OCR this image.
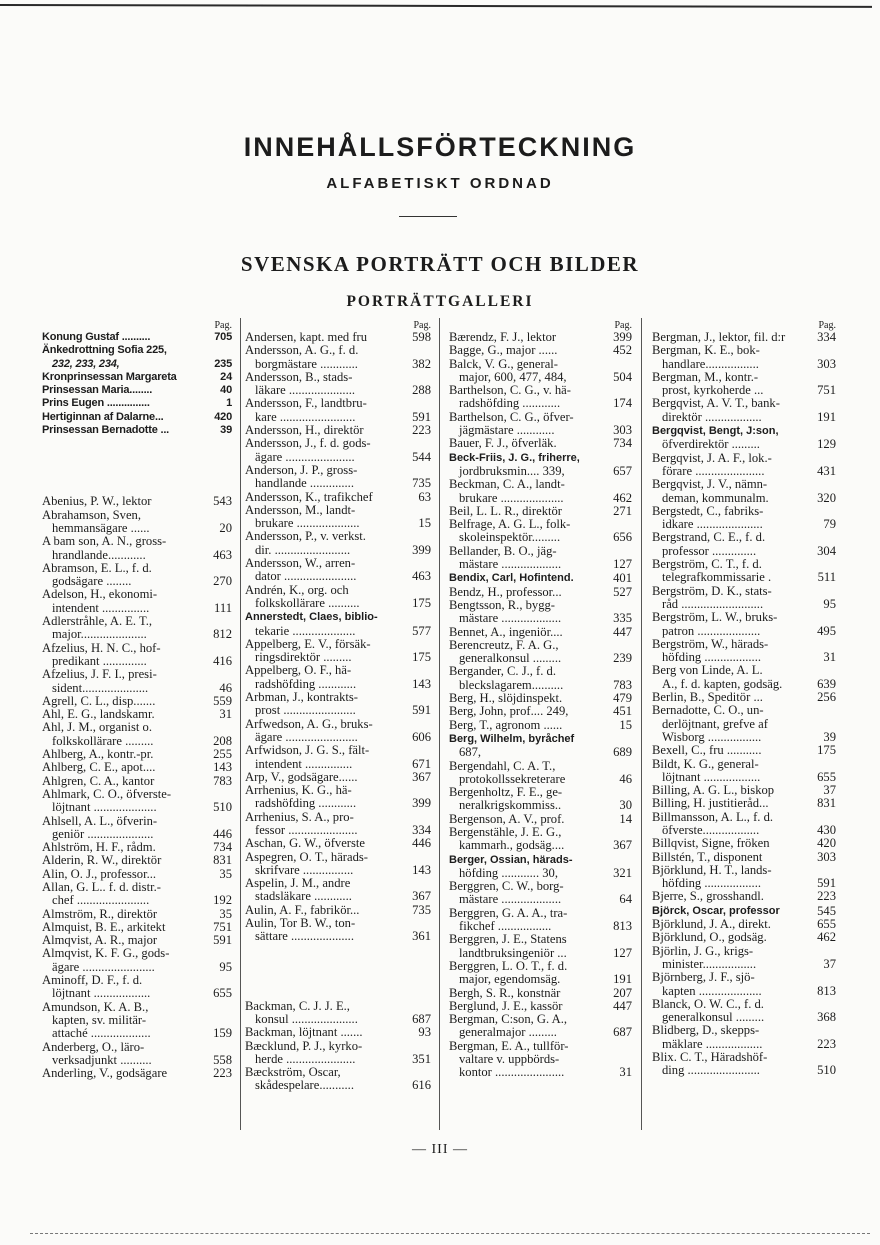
INNEHÅLLSFÖRTECKNING
ALFABETISKT ORDNAD
SVENSKA PORTRÄTT OCH BILDER
PORTRÄTTGALLERI
Pag.
Konung Gustaf ..........	705
Änkedrottning Sofia 225,
232, 233, 234,	235
Kronprinsessan Margareta	24
Prinsessan Maria........	40
Prins Eugen ...............	1
Hertiginnan af Dalarne...	420
Prinsessan Bernadotte ...	39
Abenius, P. W., lektor	543
Abrahamson, Sven,
hemmansägare ......	20
A bam son, A. N., gross-
hrandlande............	463
Abramson, E. L., f. d.
godsägare ........	270
Adelson, H., ekonomi-
intendent ...............	111
Adlerstråhle, A. E. T.,
major.....................	812
Afzelius, H. N. C., hof-
predikant ..............	416
Afzelius, J. F. I., presi-
sident.....................	46
Agrell, C. L., disp.......	559
Ahl, E. G., landskamr.	31
Ahl, J. M., organist o.
folkskollärare .........	208
Ahlberg, A., kontr.-pr.	255
Ahlberg, C. E., apot....	143
Ahlgren, C. A., kantor	783
Ahlmark, C. O., öfverste-
löjtnant ....................	510
Ahlsell, A. L., öfverin-
geniör .....................	446
Ahlström, H. F., rådm.	734
Alderin, R. W., direktör	831
Alin, O. J., professor...	35
Allan, G. L.. f. d. distr.-
chef .......................	192
Almström, R., direktör	35
Almquist, B. E., arkitekt	751
Almqvist, A. R., major	591
Almqvist, K. F. G., gods-
ägare .......................	95
Aminoff, D. F., f. d.
löjtnant ..................	655
Amundson, K. A. B.,
kapten, sv. militär-
attaché ...................	159
Anderberg, O., läro-
verksadjunkt ..........	558
Anderling, V., godsägare	223
Pag.
Andersen, kapt. med fru	598
Andersson, A. G., f. d.
borgmästare ............	382
Andersson, B., stads-
läkare .....................	288
Andersson, F., landtbru-
kare ........................	591
Andersson, H., direktör	223
Andersson, J., f. d. gods-
ägare ......................	544
Anderson, J. P., gross-
handlande ..............	735
Andersson, K., trafikchef	63
Andersson, M., landt-
brukare ....................	15
Andersson, P., v. verkst.
dir. ........................	399
Andersson, W., arren-
dator .......................	463
Andrén, K., org. och
folkskollärare ..........	175
Annerstedt, Claes, biblio-
tekarie ....................	577
Appelberg, E. V., försäk-
ringsdirektör .........	175
Appelberg, O. F., hä-
radshöfding ............	143
Arbman, J., kontrakts-
prost .......................	591
Arfwedson, A. G., bruks-
ägare .......................	606
Arfwidson, J. G. S., fält-
intendent ...............	671
Arp, V., godsägare......	367
Arrhenius, K. G., hä-
radshöfding ............	399
Arrhenius, S. A., pro-
fessor ......................	334
Aschan, G. W., öfverste	446
Aspegren, O. T., härads-
skrifvare ................	143
Aspelin, J. M., andre
stadsläkare ............	367
Aulin, A. F., fabrikör...	735
Aulin, Tor B. W., ton-
sättare ....................	361
Backman, C. J. J. E.,
konsul .....................	687
Backman, löjtnant .......	93
Bæcklund, P. J., kyrko-
herde ......................	351
Bæckström, Oscar,
skådespelare...........	616
Pag.
Bærendz, F. J., lektor	399
Bagge, G., major ......	452
Balck, V. G., general-
major, 600, 477, 484,	504
Barthelson, C. G., v. hä-
radshöfding ............	174
Barthelson, C. G., öfver-
jägmästare ............	303
Bauer, F. J., öfverläk.	734
Beck-Friis, J. G., friherre,
jordbruksmin.... 339,	657
Beckman, C. A., landt-
brukare ....................	462
Beil, L. L. R., direktör	271
Belfrage, A. G. L., folk-
skoleinspektör.........	656
Bellander, B. O., jäg-
mästare ...................	127
Bendix, Carl, Hofintend.	401
Bendz, H., professor...	527
Bengtsson, R., bygg-
mästare ...................	335
Bennet, A., ingeniör....	447
Berencreutz, F. A. G.,
generalkonsul .........	239
Bergander, C. J., f. d.
bleckslagarem..........	783
Berg, H., slöjdinspekt.	479
Berg, John, prof.... 249,	451
Berg, T., agronom ......	15
Berg, Wilhelm, byråchef
687,	689
Bergendahl, C. A. T.,
protokollssekreterare	46
Bergenholtz, F. E., ge-
neralkrigskommiss..	30
Bergenson, A. V., prof.	14
Bergenstähle, J. E. G.,
kammarh., godsäg....	367
Berger, Ossian, härads-
höfding ............ 30,	321
Berggren, C. W., borg-
mästare ...................	64
Berggren, G. A. A., tra-
fikchef .................	813
Berggren, J. E., Statens
landtbruksingeniör ...	127
Berggren, L. O. T., f. d.
major, egendomsäg.	191
Bergh, S. R., konstnär	207
Berglund, J. E., kassör	447
Bergman, C:son, G. A.,
generalmajor .........	687
Bergman, E. A., tullför-
valtare v. uppbörds-
kontor ......................	31
Pag.
Bergman, J., lektor, fil. d:r	334
Bergman, K. E., bok-
handlare.................	303
Bergman, M., kontr.-
prost, kyrkoherde ...	751
Bergqvist, A. V. T., bank-
direktör ..................	191
Bergqvist, Bengt, J:son,
öfverdirektör .........	129
Bergqvist, J. A. F., lok.-
förare ......................	431
Bergqvist, J. V., nämn-
deman, kommunalm.	320
Bergstedt, C., fabriks-
idkare .....................	79
Bergstrand, C. E., f. d.
professor ..............	304
Bergström, C. T., f. d.
telegrafkommissarie .	511
Bergström, D. K., stats-
råd ..........................	95
Bergström, L. W., bruks-
patron ....................	495
Bergström, W., härads-
höfding ..................	31
Berg von Linde, A. L.
A., f. d. kapten, godsäg.	639
Berlin, B., Speditör ...	256
Bernadotte, C. O., un-
derlöjtnant, grefve af
Wisborg .................	39
Bexell, C., fru ...........	175
Bildt, K. G., general-
löjtnant ..................	655
Billing, A. G. L., biskop	37
Billing, H. justitieråd...	831
Billmansson, A. L., f. d.
öfverste..................	430
Billqvist, Signe, fröken	420
Billstén, T., disponent	303
Björklund, H. T., lands-
höfding ..................	591
Bjerre, S., grosshandl.	223
Björck, Oscar, professor	545
Björklund, J. A., direkt.	655
Björklund, O., godsäg.	462
Björlin, J. G., krigs-
minister.................	37
Björnberg, J. F., sjö-
kapten ....................	813
Blanck, O. W. C., f. d.
generalkonsul .........	368
Blidberg, D., skepps-
mäklare ..................	223
Blix. C. T., Häradshöf-
ding .......................	510
— III —
